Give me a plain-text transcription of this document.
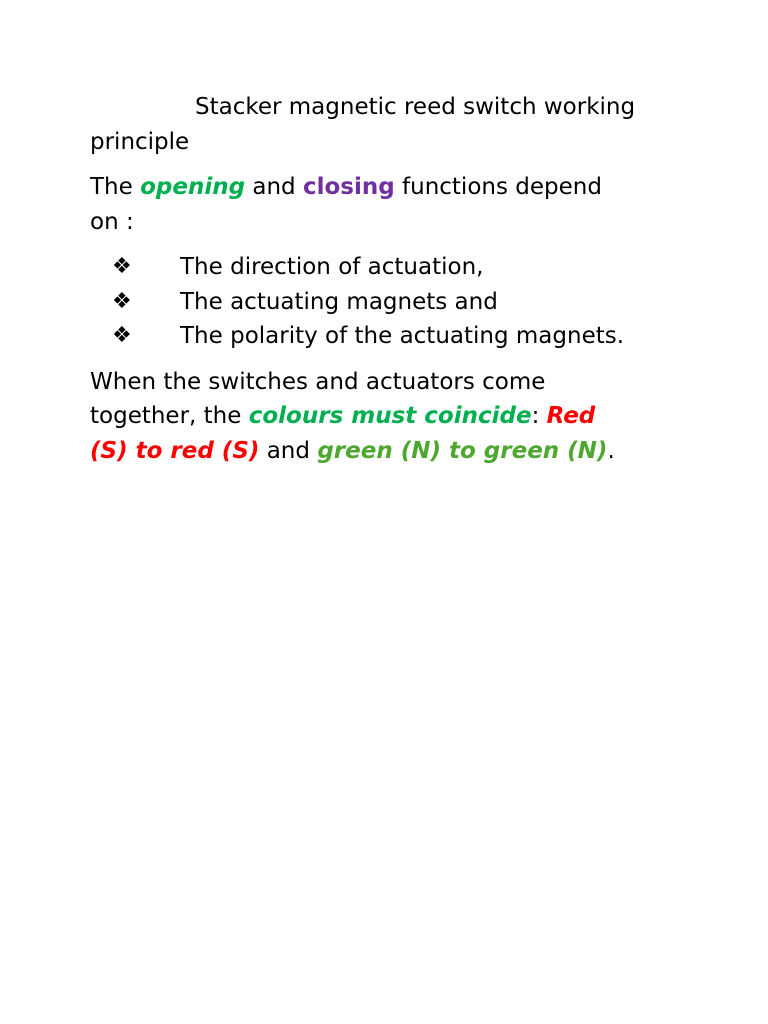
Stacker magnetic reed switch working
principle

The opening and closing functions depend
on :

❖ The direction of actuation,
❖ The actuating magnets and
❖ The polarity of the actuating magnets.

When the switches and actuators come
together, the colours must coincide: Red
(S) to red (S) and green (N) to green (N).
